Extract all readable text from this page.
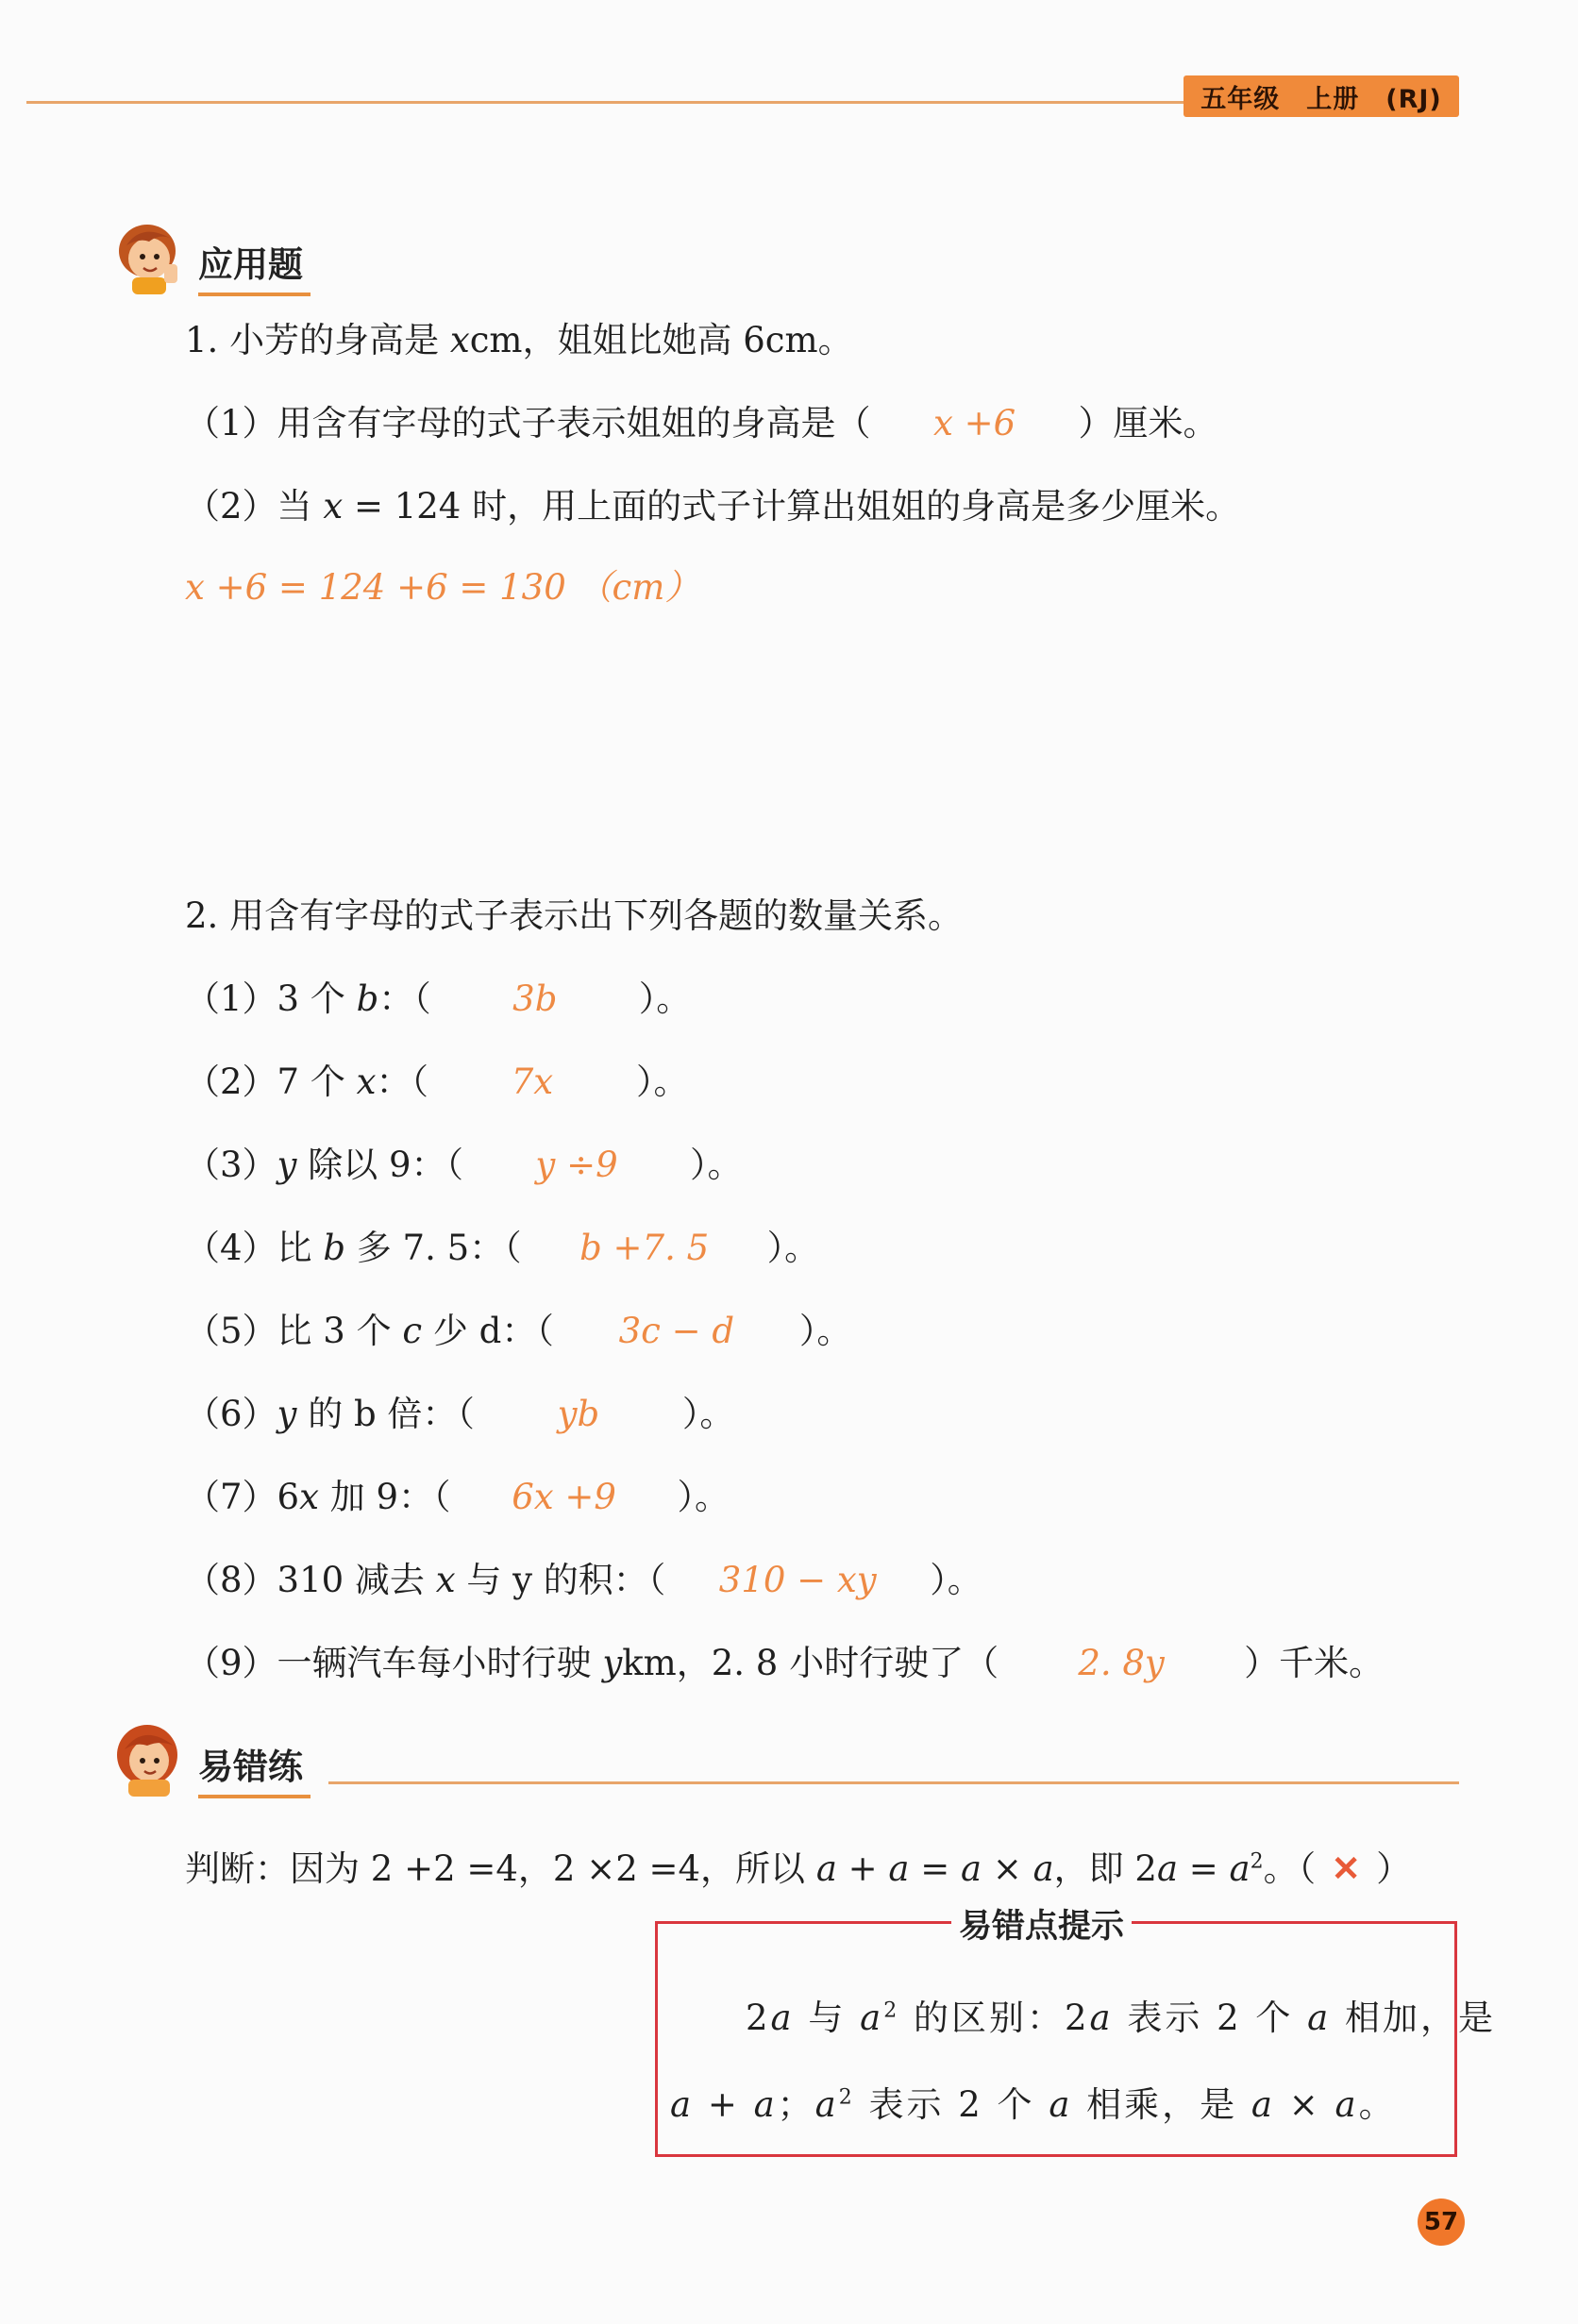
五年级　上册　(RJ)
应用题
1. 小芳的身高是 xcm，姐姐比她高 6cm。
（1）用含有字母的式子表示姐姐的身高是（ x +6 ）厘米。
（2）当 x = 124 时，用上面的式子计算出姐姐的身高是多少厘米。
x +6 = 124 +6 = 130 （cm）
2. 用含有字母的式子表示出下列各题的数量关系。
（1）3 个 b：（ 3b ）。
（2）7 个 x：（ 7x ）。
（3）y 除以 9：（ y ÷9 ）。
（4）比 b 多 7. 5：（ b +7. 5 ）。
（5）比 3 个 c 少 d：（ 3c − d ）。
（6）y 的 b 倍：（ yb ）。
（7）6x 加 9：（ 6x +9 ）。
（8）310 减去 x 与 y 的积：（ 310 − xy ）。
（9）一辆汽车每小时行驶 ykm，2. 8 小时行驶了（ 2. 8y ）千米。
易错练
判断：因为 2 +2 =4，2 ×2 =4，所以 a + a = a × a，即 $2a = a^2$。（ ✕ ）
易错点提示
2a 与 $a^2$ 的区别：2a 表示 2 个 a 相加，是
a + a；$a^2$ 表示 2 个 a 相乘，是 a × a。
57
